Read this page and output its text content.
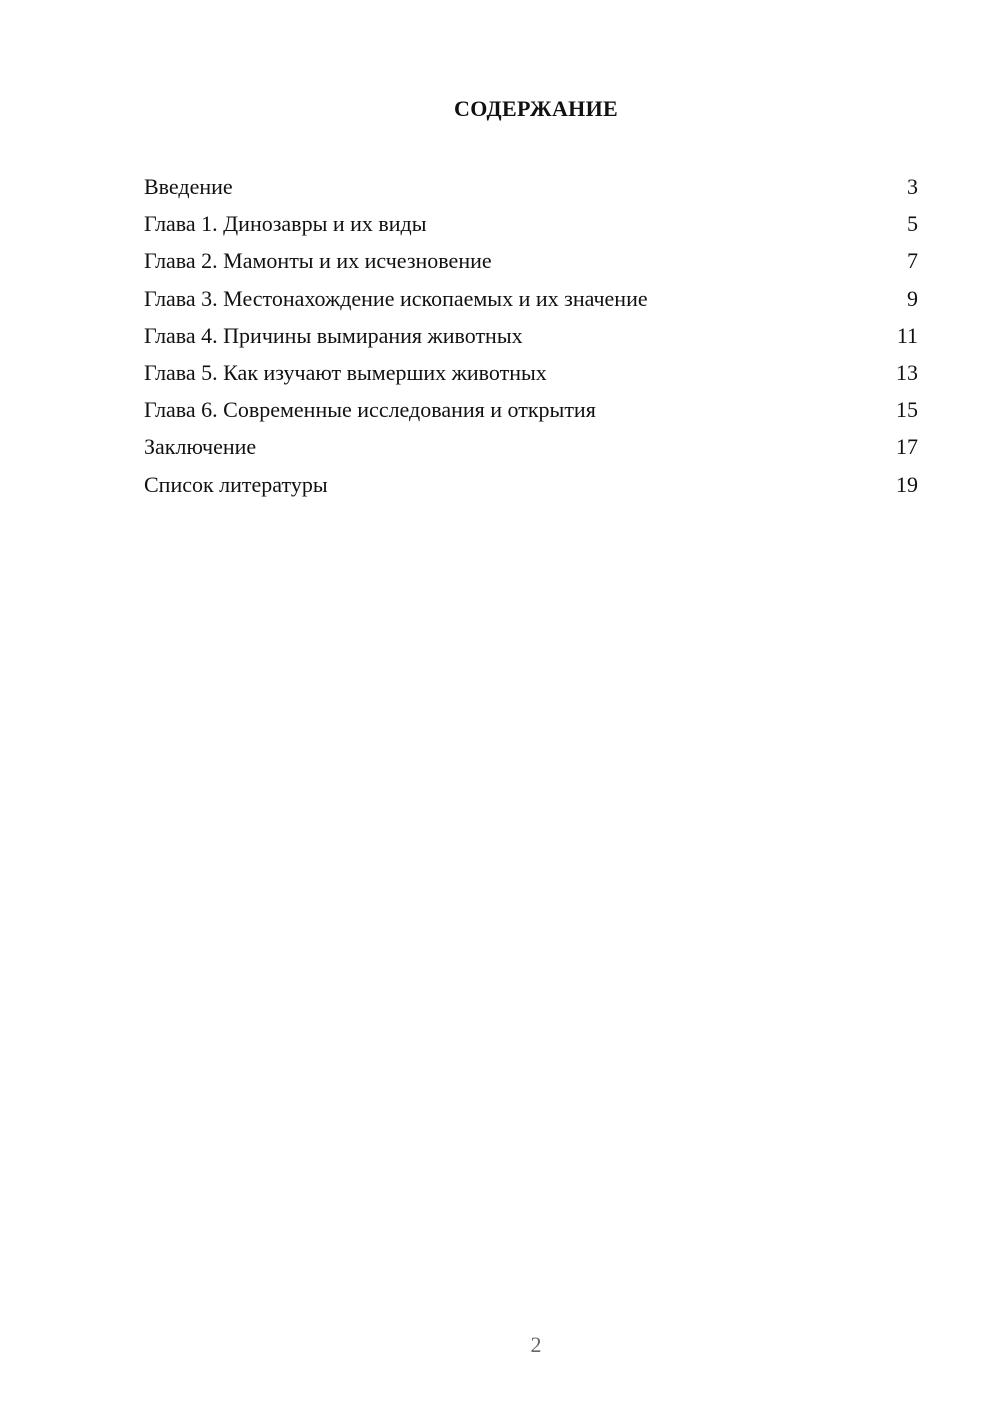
СОДЕРЖАНИЕ
Введение	3
Глава 1. Динозавры и их виды	5
Глава 2. Мамонты и их исчезновение	7
Глава 3. Местонахождение ископаемых и их значение	9
Глава 4. Причины вымирания животных	11
Глава 5. Как изучают вымерших животных	13
Глава 6. Современные исследования и открытия	15
Заключение	17
Список литературы	19
2
